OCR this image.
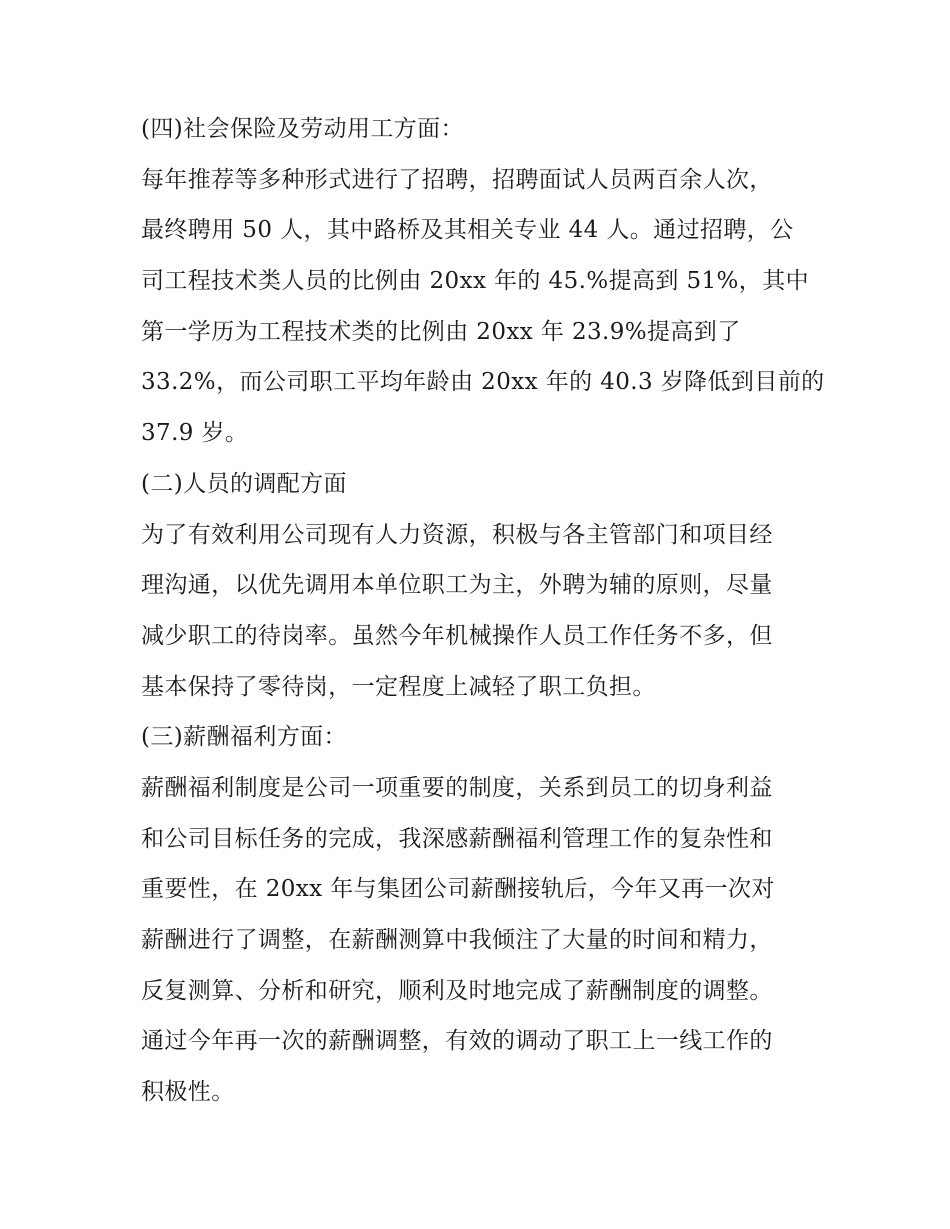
(四)社会保险及劳动用工方面：
每年推荐等多种形式进行了招聘，招聘面试人员两百余人次，
最终聘用 50 人，其中路桥及其相关专业 44 人。通过招聘，公
司工程技术类人员的比例由 20xx 年的 45.%提高到 51%，其中
第一学历为工程技术类的比例由 20xx 年 23.9%提高到了
33.2%，而公司职工平均年龄由 20xx 年的 40.3 岁降低到目前的
37.9 岁。
(二)人员的调配方面
为了有效利用公司现有人力资源，积极与各主管部门和项目经
理沟通，以优先调用本单位职工为主，外聘为辅的原则，尽量
减少职工的待岗率。虽然今年机械操作人员工作任务不多，但
基本保持了零待岗，一定程度上减轻了职工负担。
(三)薪酬福利方面：
薪酬福利制度是公司一项重要的制度，关系到员工的切身利益
和公司目标任务的完成，我深感薪酬福利管理工作的复杂性和
重要性，在 20xx 年与集团公司薪酬接轨后，今年又再一次对
薪酬进行了调整，在薪酬测算中我倾注了大量的时间和精力，
反复测算、分析和研究，顺利及时地完成了薪酬制度的调整。
通过今年再一次的薪酬调整，有效的调动了职工上一线工作的
积极性。
